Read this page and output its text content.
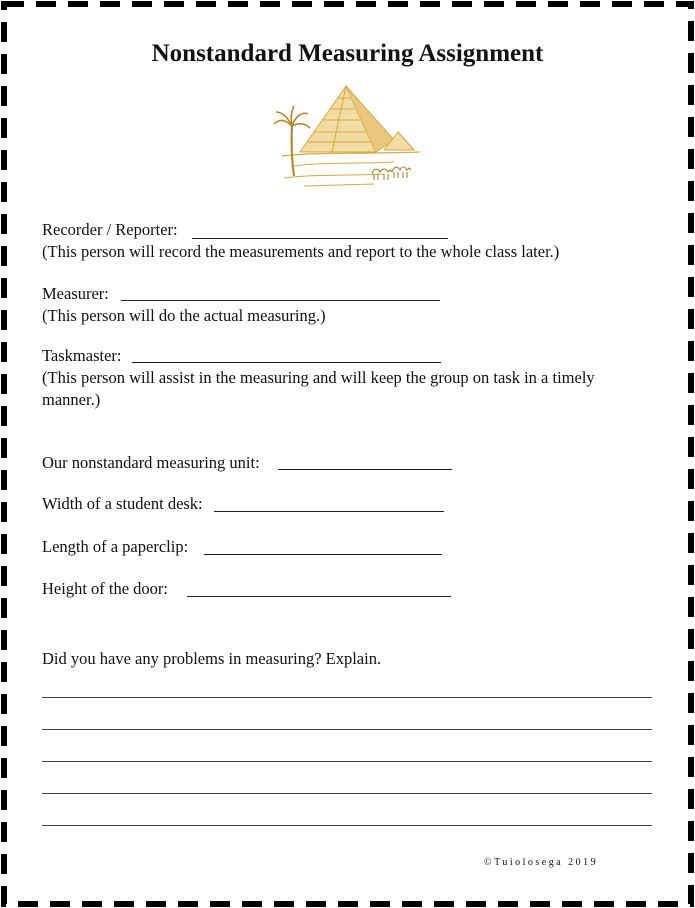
Nonstandard Measuring Assignment
Recorder / Reporter:
(This person will record the measurements and report to the whole class later.)
Measurer:
(This person will do the actual measuring.)
Taskmaster:
(This person will assist in the measuring and will keep the group on task in a timely manner.)
Our nonstandard measuring unit:
Width of a student desk:
Length of a paperclip:
Height of the door:
Did you have any problems in measuring? Explain.
©Tuiolosega 2019
